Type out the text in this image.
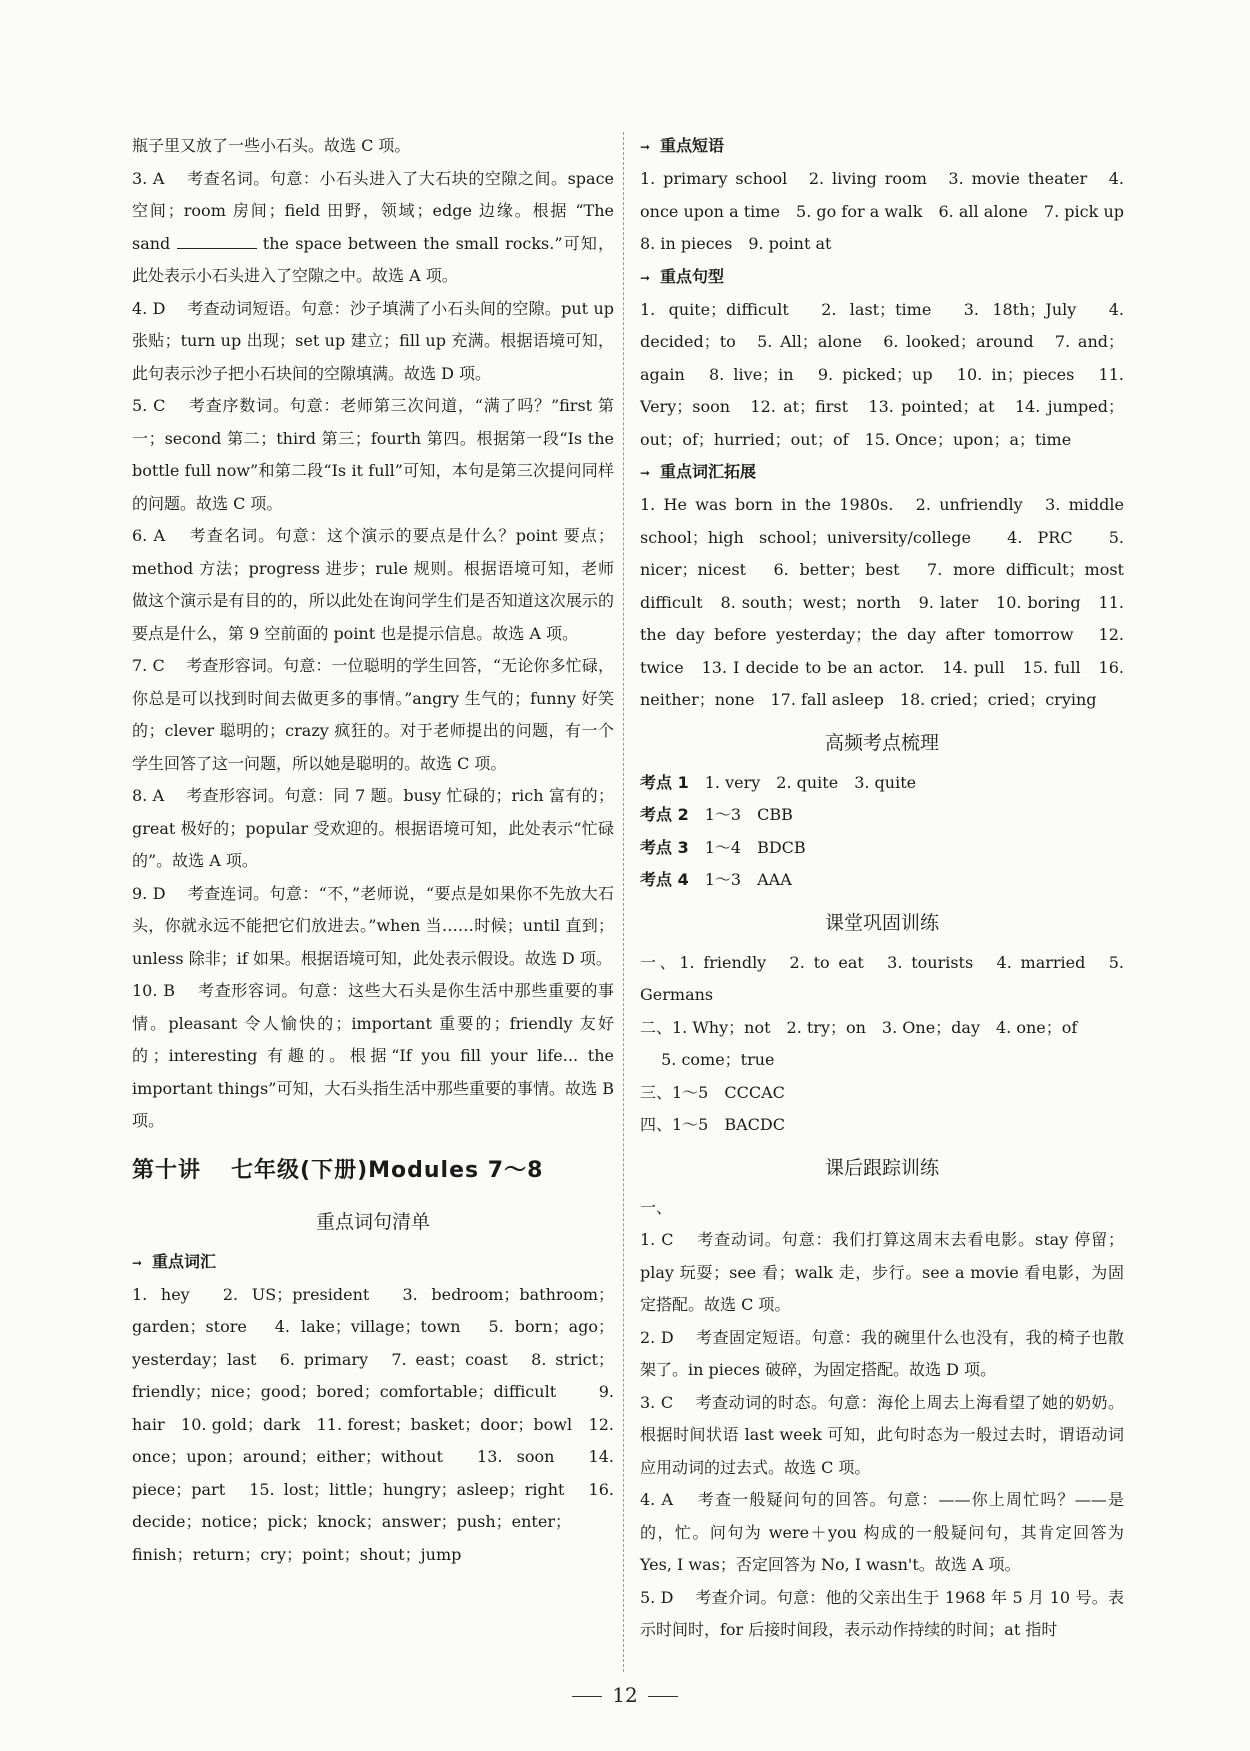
瓶子里又放了一些小石头。故选 C 项。

3. A　 考查名词。句意：小石头进入了大石块的空隙之间。space 空间；room 房间；field 田野，领域；edge 边缘。根据 “The sand	the space between the small rocks.”可知，此处表示小石头进入了空隙之中。故选 A 项。

4. D　 考查动词短语。句意：沙子填满了小石头间的空隙。put up 张贴；turn up 出现；set up 建立；fill up 充满。根据语境可知，此句表示沙子把小石块间的空隙填满。故选 D 项。

5. C　 考查序数词。句意：老师第三次问道，“满了吗？”first 第一；second 第二；third 第三；fourth 第四。根据第一段“Is the bottle full now”和第二段“Is it full”可知，本句是第三次提问同样的问题。故选 C 项。

6. A　 考查名词。句意：这个演示的要点是什么？point 要点；method 方法；progress 进步；rule 规则。根据语境可知，老师做这个演示是有目的的，所以此处在询问学生们是否知道这次展示的要点是什么，第 9 空前面的 point 也是提示信息。故选 A 项。

7. C　 考查形容词。句意：一位聪明的学生回答，“无论你多忙碌，你总是可以找到时间去做更多的事情。”angry 生气的；funny 好笑的；clever 聪明的；crazy 疯狂的。对于老师提出的问题，有一个学生回答了这一问题，所以她是聪明的。故选 C 项。

8. A　 考查形容词。句意：同 7 题。busy 忙碌的；rich 富有的；great 极好的；popular 受欢迎的。根据语境可知，此处表示“忙碌的”。故选 A 项。

9. D　 考查连词。句意：“不，”老师说，“要点是如果你不先放大石头，你就永远不能把它们放进去。”when 当……时候；until 直到；unless 除非；if 如果。根据语境可知，此处表示假设。故选 D 项。

10. B　 考查形容词。句意：这些大石头是你生活中那些重要的事情。pleasant 令人愉快的；important 重要的；friendly 友好的；interesting 有趣的。根据“If you fill your life... the important things”可知，大石头指生活中那些重要的事情。故选 B 项。

第十讲 七年级(下册)Modules 7～8
重点词句清单
➞ 重点词汇

1. hey　2. US；president　3. bedroom；bathroom；garden；store　4. lake；village；town　5. born；ago；yesterday；last　6. primary　7. east；coast　8. strict；friendly；nice；good；bored；comfortable；difficult　9. hair　10. gold；dark　11. forest；basket；door；bowl　12. once；upon；around；either；without　13. soon　14. piece；part　15. lost；little；hungry；asleep；right　16. decide；notice；pick；knock；answer；push；enter；finish；return；cry；point；shout；jump

➞ 重点短语

1. primary school　2. living room　3. movie theater　4. once upon a time　5. go for a walk　6. all alone　7. pick up　8. in pieces　9. point at

➞ 重点句型

1. quite；difficult　2. last；time　3. 18th；July　4. decided；to　5. All；alone　6. looked；around　7. and；again　8. live；in　9. picked；up　10. in；pieces　11. Very；soon　12. at；first　13. pointed；at　14. jumped；out；of；hurried；out；of　15. Once；upon；a；time

➞ 重点词汇拓展

1. He was born in the 1980s.　2. unfriendly　3. middle school；high school；university/college　4. PRC　5. nicer；nicest　6. better；best　7. more difficult；most difficult　8. south；west；north　9. later　10. boring　11. the day before yesterday；the day after tomorrow　12. twice　13. I decide to be an actor.　14. pull　15. full　16. neither；none　17. fall asleep　18. cried；cried；crying

高频考点梳理

考点 1　 1. very　2. quite　3. quite

考点 2　 1～3　CBB

考点 3　 1～4　BDCB

考点 4　 1～3　AAA

课堂巩固训练

一、1. friendly　2. to eat　3. tourists　4. married　5. Germans

二、1. Why；not　2. try；on　3. One；day　4. one；of

　 5. come；true

三、1～5　CCCAC

四、1～5　BACDC

课后跟踪训练

一、

1. C　 考查动词。句意：我们打算这周末去看电影。stay 停留；play 玩耍；see 看；walk 走，步行。see a movie 看电影，为固定搭配。故选 C 项。

2. D　 考查固定短语。句意：我的碗里什么也没有，我的椅子也散架了。in pieces 破碎，为固定搭配。故选 D 项。

3. C　 考查动词的时态。句意：海伦上周去上海看望了她的奶奶。根据时间状语 last week 可知，此句时态为一般过去时，谓语动词应用动词的过去式。故选 C 项。

4. A　 考查一般疑问句的回答。句意：——你上周忙吗？——是的，忙。问句为 were＋you 构成的一般疑问句，其肯定回答为 Yes, I was；否定回答为 No, I wasn't。故选 A 项。

5. D　 考查介词。句意：他的父亲出生于 1968 年 5 月 10 号。表示时间时，for 后接时间段，表示动作持续的时间；at 指时

12
